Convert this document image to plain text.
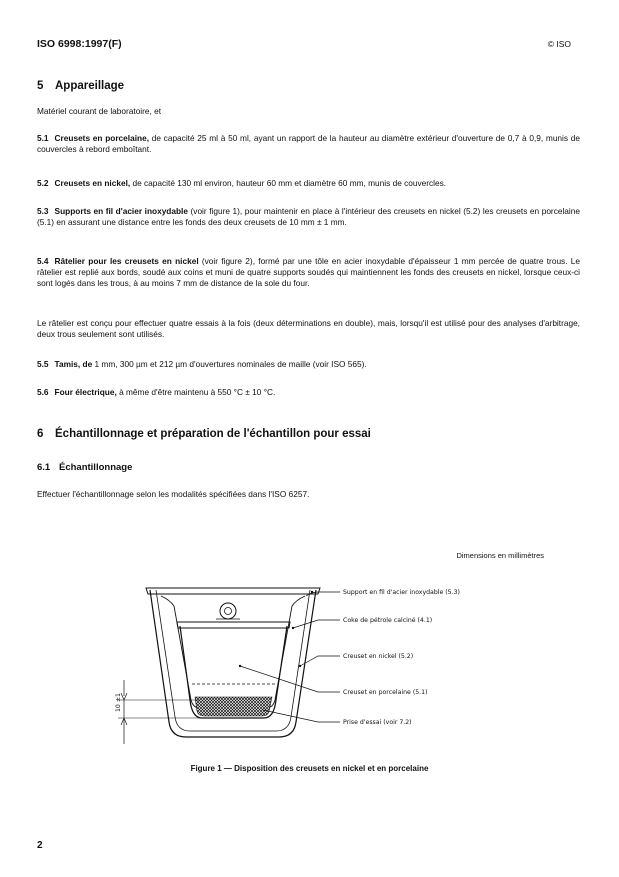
ISO 6998:1997(F)	© ISO
5 Appareillage
Matériel courant de laboratoire, et
5.1 Creusets en porcelaine, de capacité 25 ml à 50 ml, ayant un rapport de la hauteur au diamètre extérieur d'ouverture de 0,7 à 0,9, munis de couvercles à rebord emboîtant.
5.2 Creusets en nickel, de capacité 130 ml environ, hauteur 60 mm et diamètre 60 mm, munis de couvercles.
5.3 Supports en fil d'acier inoxydable (voir figure 1), pour maintenir en place à l'intérieur des creusets en nickel (5.2) les creusets en porcelaine (5.1) en assurant une distance entre les fonds des deux creusets de 10 mm ± 1 mm.
5.4 Râtelier pour les creusets en nickel (voir figure 2), formé par une tôle en acier inoxydable d'épaisseur 1 mm percée de quatre trous. Le râtelier est replié aux bords, soudé aux coins et muni de quatre supports soudés qui maintiennent les fonds des creusets en nickel, lorsque ceux-ci sont logés dans les trous, à au moins 7 mm de distance de la sole du four.
Le râtelier est conçu pour effectuer quatre essais à la fois (deux déterminations en double), mais, lorsqu'il est utilisé pour des analyses d'arbitrage, deux trous seulement sont utilisés.
5.5 Tamis, de 1 mm, 300 µm et 212 µm d'ouvertures nominales de maille (voir ISO 565).
5.6 Four électrique, à même d'être maintenu à 550 °C ± 10 °C.
6 Échantillonnage et préparation de l'échantillon pour essai
6.1 Échantillonnage
Effectuer l'échantillonnage selon les modalités spécifiées dans l'ISO 6257.
Dimensions en millimètres
Support en fil d'acier inoxydable (5.3)
Coke de pétrole calciné (4.1)
Creuset en nickel (5.2)
Creuset en porcelaine (5.1)
Prise d'essai (voir 7.2)
10 ±1
Figure 1 — Disposition des creusets en nickel et en porcelaine
2
